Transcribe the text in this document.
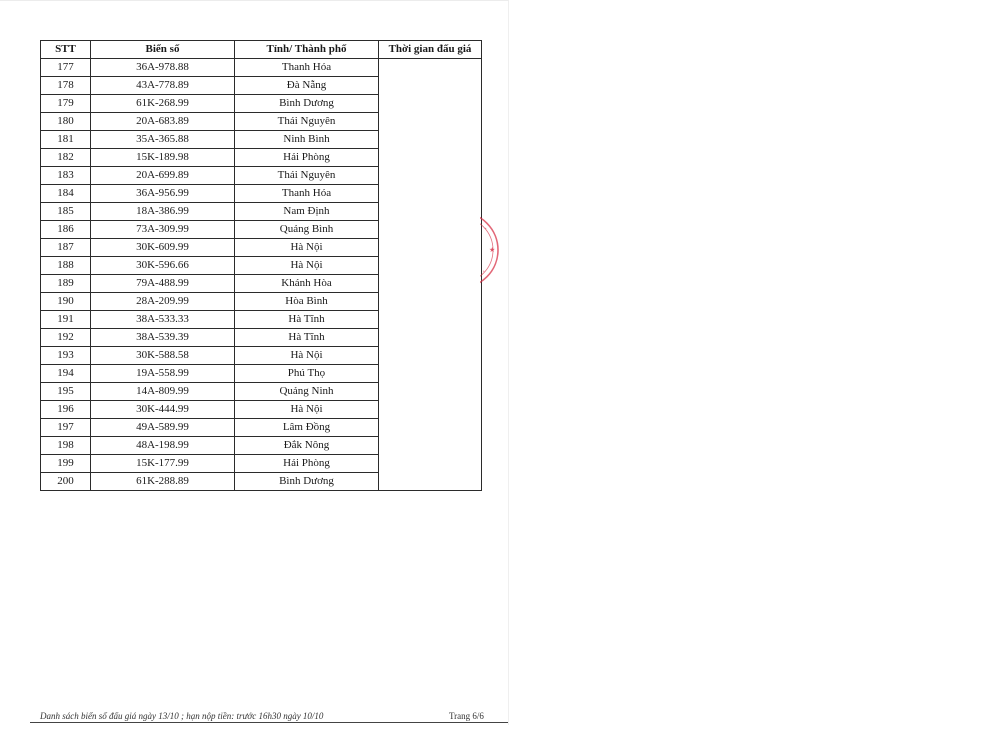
STT	Biển số	Tỉnh/ Thành phố	Thời gian đấu giá
177	36A-978.88	Thanh Hóa	
178	43A-778.89	Đà Nẵng	
179	61K-268.99	Bình Dương	
180	20A-683.89	Thái Nguyên	
181	35A-365.88	Ninh Bình	
182	15K-189.98	Hải Phòng	
183	20A-699.89	Thái Nguyên	
184	36A-956.99	Thanh Hóa	
185	18A-386.99	Nam Định	
186	73A-309.99	Quảng Bình	
187	30K-609.99	Hà Nội	
188	30K-596.66	Hà Nội	
189	79A-488.99	Khánh Hòa	
190	28A-209.99	Hòa Bình	
191	38A-533.33	Hà Tĩnh	
192	38A-539.39	Hà Tĩnh	
193	30K-588.58	Hà Nội	
194	19A-558.99	Phú Thọ	
195	14A-809.99	Quảng Ninh	
196	30K-444.99	Hà Nội	
197	49A-589.99	Lâm Đồng	
198	48A-198.99	Đắk Nông	
199	15K-177.99	Hải Phòng	
200	61K-288.89	Bình Dương	
★
•
•
Danh sách biển số đấu giá ngày 13/10 ; hạn nộp tiền: trước 16h30 ngày 10/10	Trang 6/6
